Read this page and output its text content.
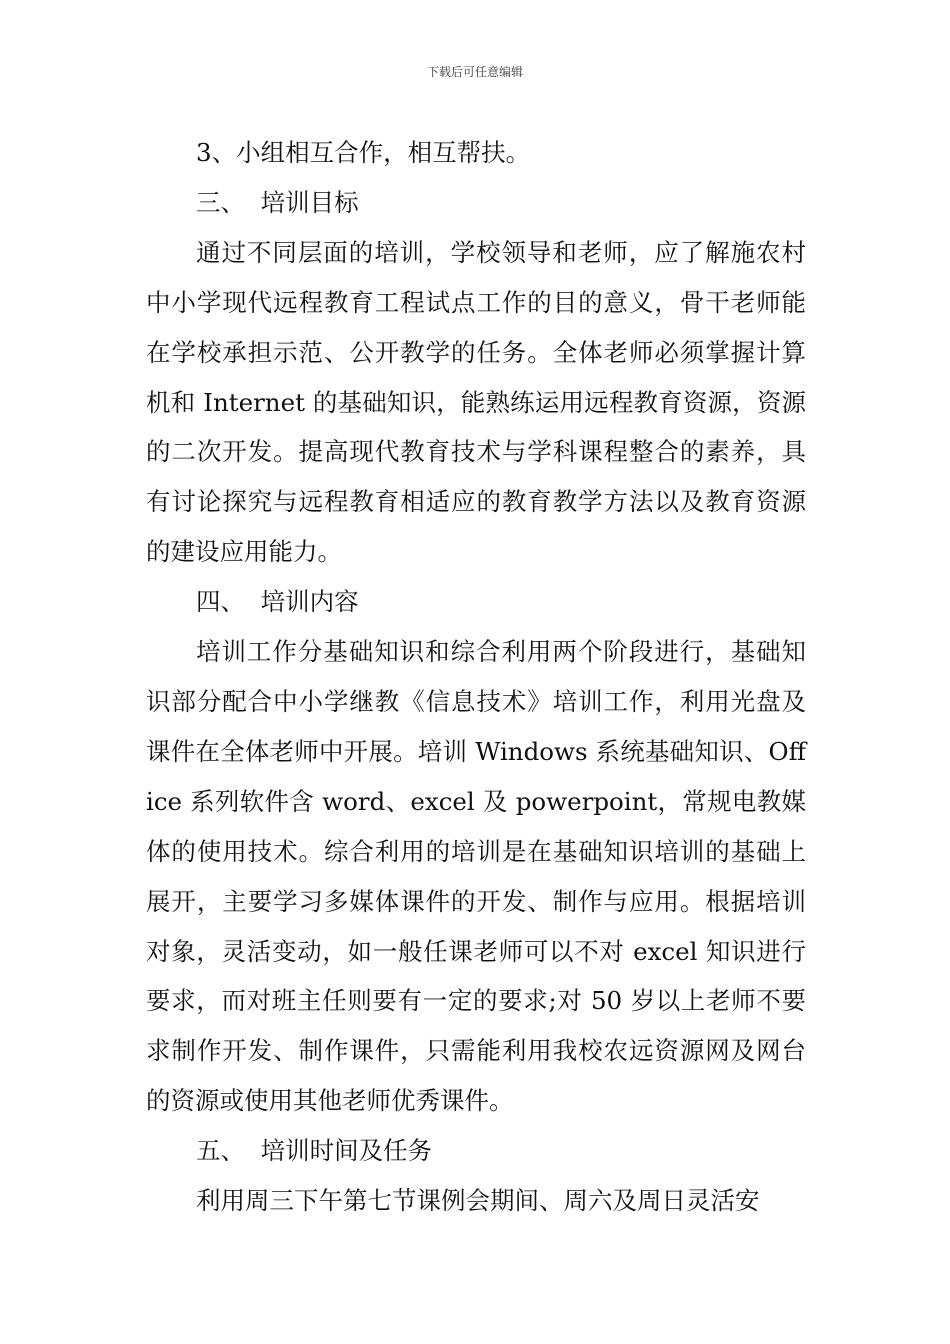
下载后可任意编辑

3、小组相互合作，相互帮扶。

三、  培训目标

通过不同层面的培训，学校领导和老师，应了解施农村中小学现代远程教育工程试点工作的目的意义，骨干老师能在学校承担示范、公开教学的任务。全体老师必须掌握计算机和 Internet 的基础知识，能熟练运用远程教育资源，资源的二次开发。提高现代教育技术与学科课程整合的素养，具有讨论探究与远程教育相适应的教育教学方法以及教育资源的建设应用能力。

四、  培训内容

培训工作分基础知识和综合利用两个阶段进行，基础知识部分配合中小学继教《信息技术》培训工作，利用光盘及课件在全体老师中开展。培训 Windows 系统基础知识、Office 系列软件含 word、excel 及 powerpoint，常规电教媒体的使用技术。综合利用的培训是在基础知识培训的基础上展开，主要学习多媒体课件的开发、制作与应用。根据培训对象，灵活变动，如一般任课老师可以不对 excel 知识进行要求，而对班主任则要有一定的要求;对 50 岁以上老师不要求制作开发、制作课件，只需能利用我校农远资源网及网台的资源或使用其他老师优秀课件。

五、  培训时间及任务

利用周三下午第七节课例会期间、周六及周日灵活安
